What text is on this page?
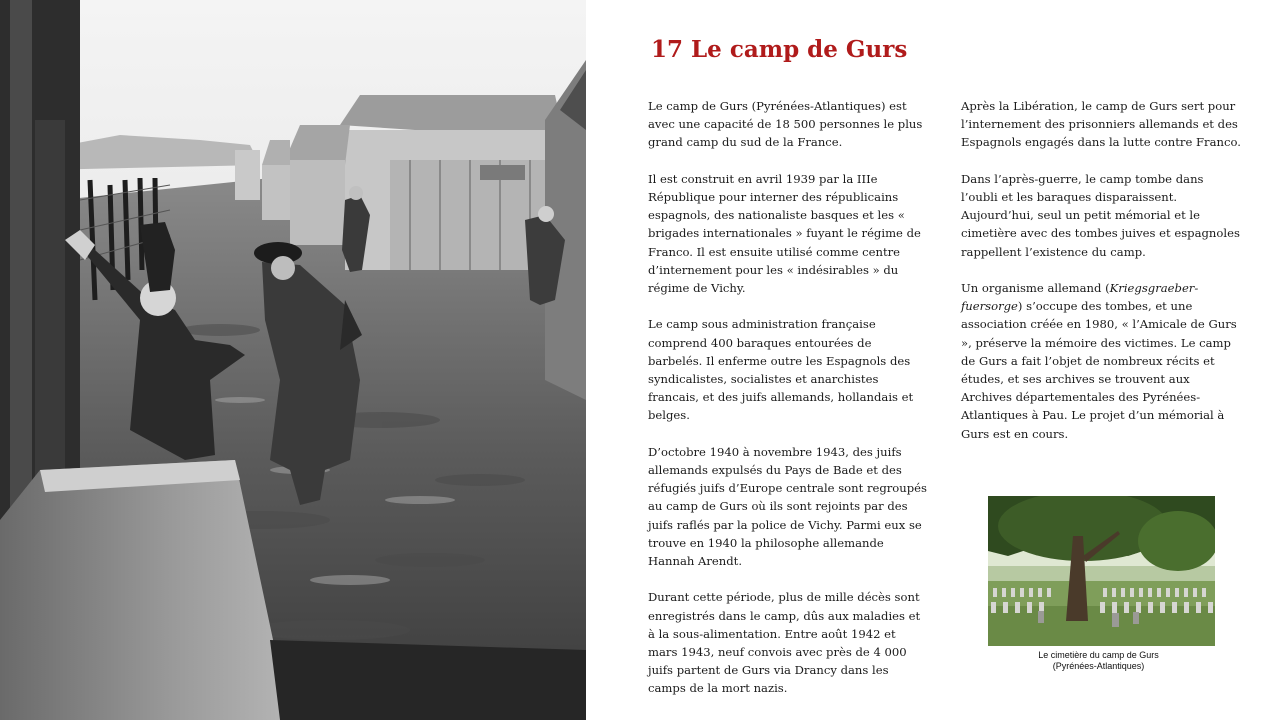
17 Le camp de Gurs

Le camp de Gurs (Pyrénées-Atlantiques) est avec une capacité de 18 500 personnes le plus grand camp du sud de la France.

Il est construit en avril 1939 par la IIIe République pour interner des républicains espagnols, des nationaliste basques et les « brigades internationales » fuyant le régime de Franco. Il est ensuite utilisé comme centre d’internement pour les « indésirables » du régime de Vichy.

Le camp sous administration française comprend 400 baraques entourées de barbelés. Il enferme outre les Espagnols des syndicalistes, socialistes et anarchistes francais, et des juifs allemands, hollandais et belges.

D’octobre 1940 à novembre 1943, des juifs allemands expulsés du Pays de Bade et des réfugiés juifs d’Europe centrale sont regroupés au camp de Gurs où ils sont rejoints par des juifs raflés par la police de Vichy. Parmi eux se trouve en 1940 la philosophe allemande Hannah Arendt.

Durant cette période, plus de mille décès sont enregistrés dans le camp, dûs aux maladies et à la sous-alimentation. Entre août 1942 et mars 1943, neuf convois avec près de 4 000 juifs partent de Gurs via Drancy dans les camps de la mort nazis.

Après la Libération, le camp de Gurs sert pour l’internement des prisonniers allemands et des Espagnols engagés dans la lutte contre Franco.

Dans l’après-guerre, le camp tombe dans l’oubli et les baraques disparaissent. Aujourd’hui, seul un petit mémorial et le cimetière avec des tombes juives et espagnoles rappellent l’existence du camp.

Un organisme allemand (Kriegsgraeber-fuersorge) s’occupe des tombes, et une association créée en 1980, « l’Amicale de Gurs », préserve la mémoire des victimes. Le camp de Gurs a fait l’objet de nombreux récits et études, et ses archives se trouvent aux Archives départementales des Pyrénées-Atlantiques à Pau. Le projet d’un mémorial à Gurs est en cours.

Le cimetière du camp de Gurs
(Pyrénées-Atlantiques)
